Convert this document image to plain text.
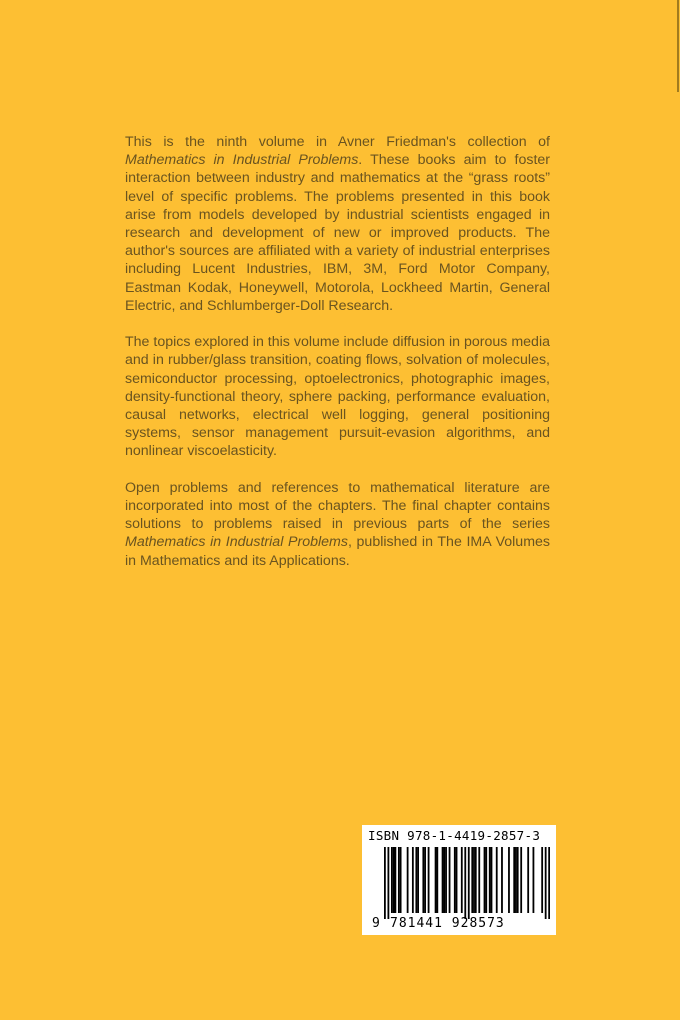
This is the ninth volume in Avner Friedman's collection of Mathematics in Industrial Problems. These books aim to foster interaction between industry and mathematics at the “grass roots” level of specific problems. The problems presented in this book arise from models developed by industrial scientists engaged in research and development of new or improved products. The author's sources are affiliated with a variety of industrial enterprises including Lucent Industries, IBM, 3M, Ford Motor Company, Eastman Kodak, Honeywell, Motorola, Lockheed Martin, General Electric, and Schlumberger-Doll Research.

The topics explored in this volume include diffusion in porous media and in rubber/glass transition, coating flows, solvation of molecules, semiconductor processing, optoelectronics, photographic images, density-functional theory, sphere packing, performance evaluation, causal networks, electrical well logging, general positioning systems, sensor management pursuit-evasion algorithms, and nonlinear viscoelasticity.

Open problems and references to mathematical literature are incorporated into most of the chapters. The final chapter contains solutions to problems raised in previous parts of the series Mathematics in Industrial Problems, published in The IMA Volumes in Mathematics and its Applications.

ISBN 978-1-4419-2857-3
9 781441 928573
